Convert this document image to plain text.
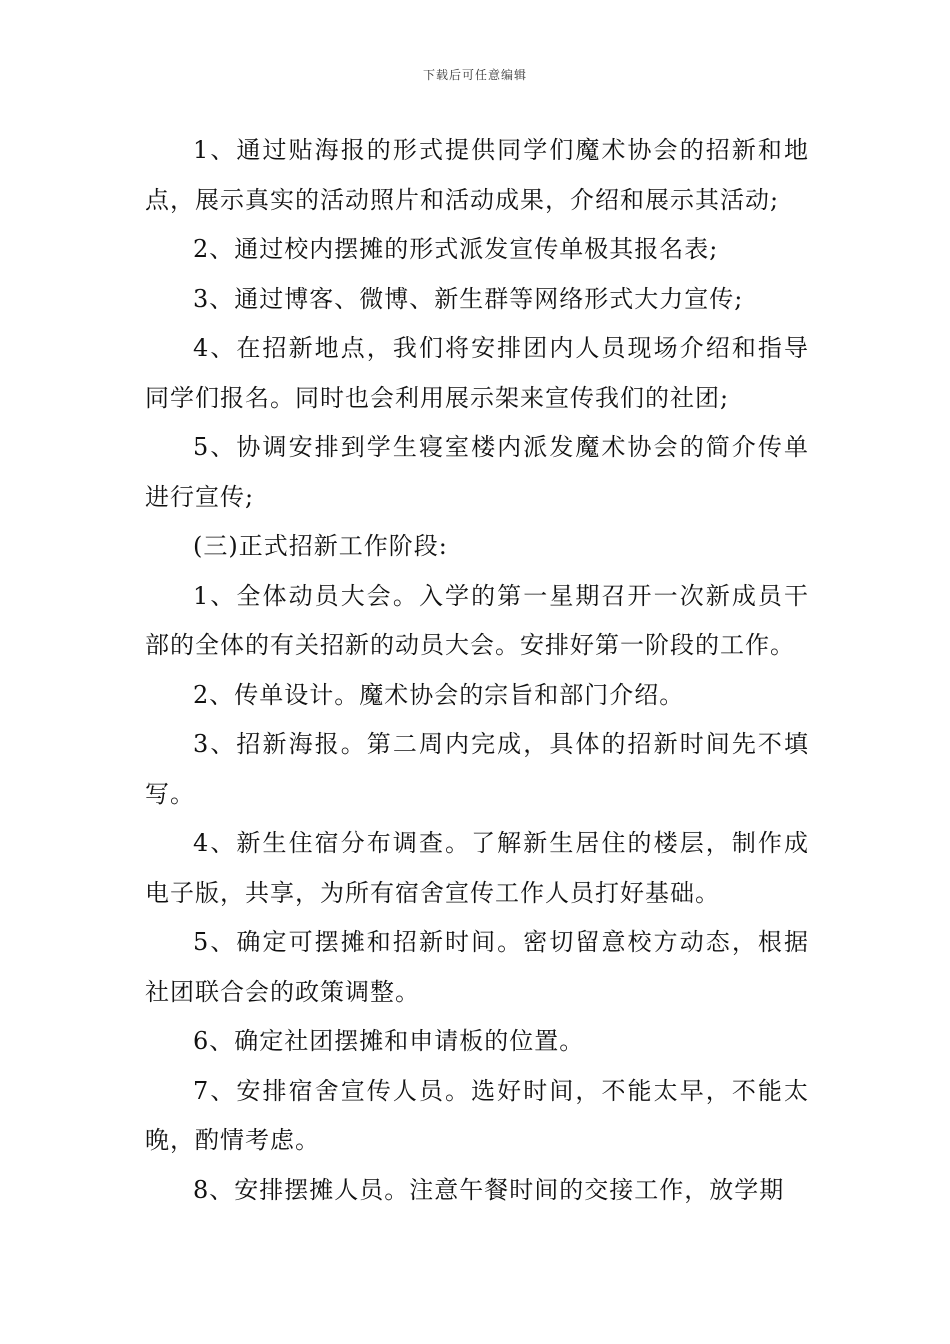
下载后可任意编辑

1、通过贴海报的形式提供同学们魔术协会的招新和地点，展示真实的活动照片和活动成果，介绍和展示其活动;

2、通过校内摆摊的形式派发宣传单极其报名表;

3、通过博客、微博、新生群等网络形式大力宣传;

4、在招新地点，我们将安排团内人员现场介绍和指导同学们报名。同时也会利用展示架来宣传我们的社团;

5、协调安排到学生寝室楼内派发魔术协会的简介传单进行宣传;

(三)正式招新工作阶段:

1、全体动员大会。入学的第一星期召开一次新成员干部的全体的有关招新的动员大会。安排好第一阶段的工作。

2、传单设计。魔术协会的宗旨和部门介绍。

3、招新海报。第二周内完成，具体的招新时间先不填写。

4、新生住宿分布调查。了解新生居住的楼层，制作成电子版，共享，为所有宿舍宣传工作人员打好基础。

5、确定可摆摊和招新时间。密切留意校方动态，根据社团联合会的政策调整。

6、确定社团摆摊和申请板的位置。

7、安排宿舍宣传人员。选好时间，不能太早，不能太晚，酌情考虑。

8、安排摆摊人员。注意午餐时间的交接工作，放学期
